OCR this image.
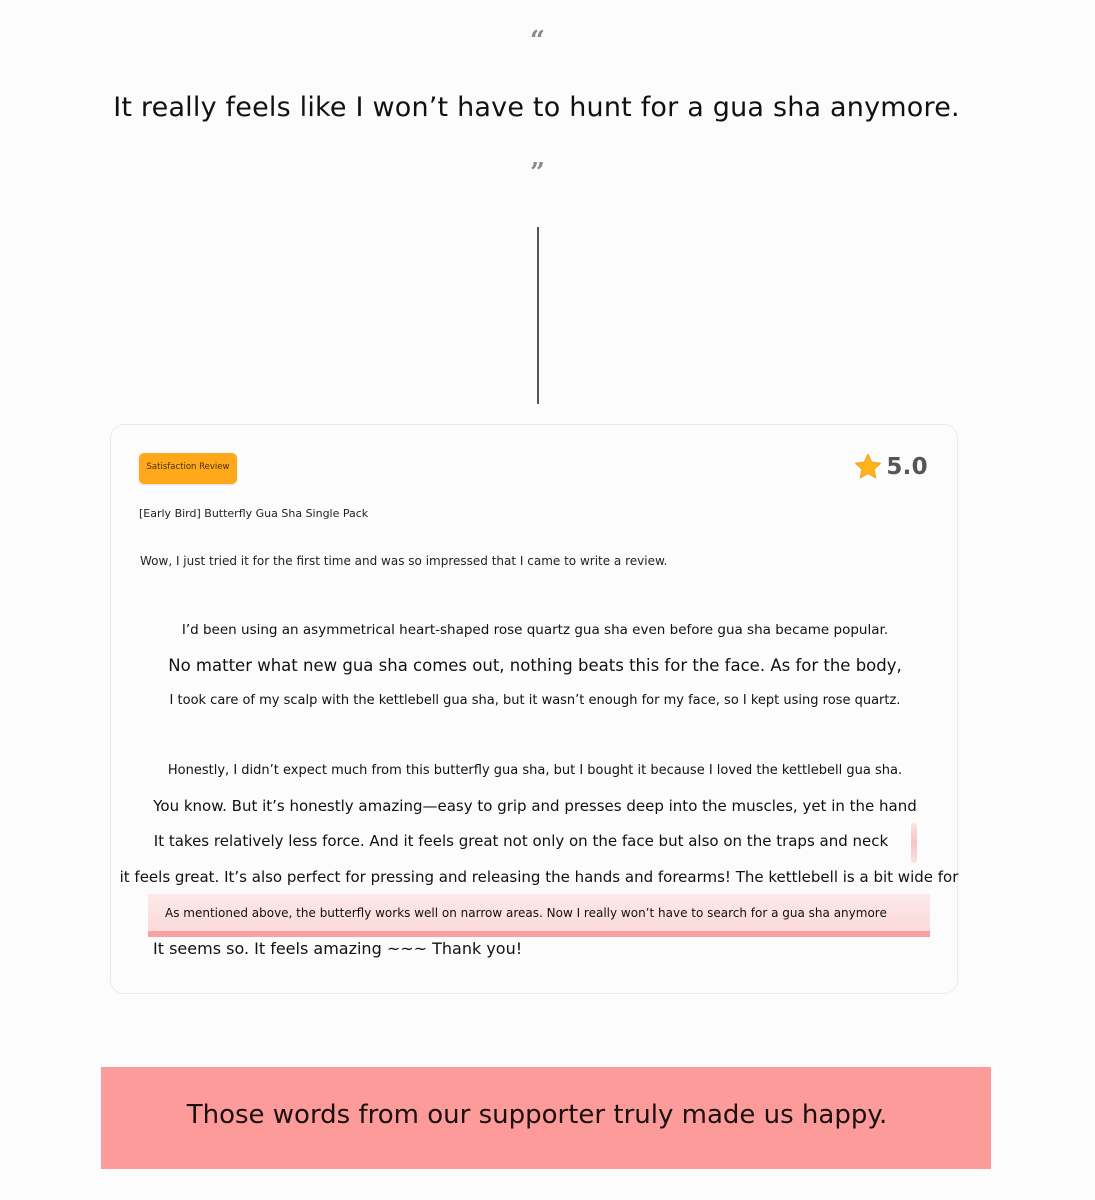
“
It really feels like I won’t have to hunt for a gua sha anymore.
”
Satisfaction Review	5.0
[Early Bird] Butterfly Gua Sha Single Pack
Wow, I just tried it for the first time and was so impressed that I came to write a review.
I’d been using an asymmetrical heart-shaped rose quartz gua sha even before gua sha became popular.
No matter what new gua sha comes out, nothing beats this for the face. As for the body,
I took care of my scalp with the kettlebell gua sha, but it wasn’t enough for my face, so I kept using rose quartz.
Honestly, I didn’t expect much from this butterfly gua sha, but I bought it because I loved the kettlebell gua sha.
You know. But it’s honestly amazing—easy to grip and presses deep into the muscles, yet in the hand
It takes relatively less force. And it feels great not only on the face but also on the traps and neck
it feels great. It’s also perfect for pressing and releasing the hands and forearms! The kettlebell is a bit wide for
As mentioned above, the butterfly works well on narrow areas. Now I really won’t have to search for a gua sha anymore
It seems so. It feels amazing ~~~ Thank you!
Those words from our supporter truly made us happy.
